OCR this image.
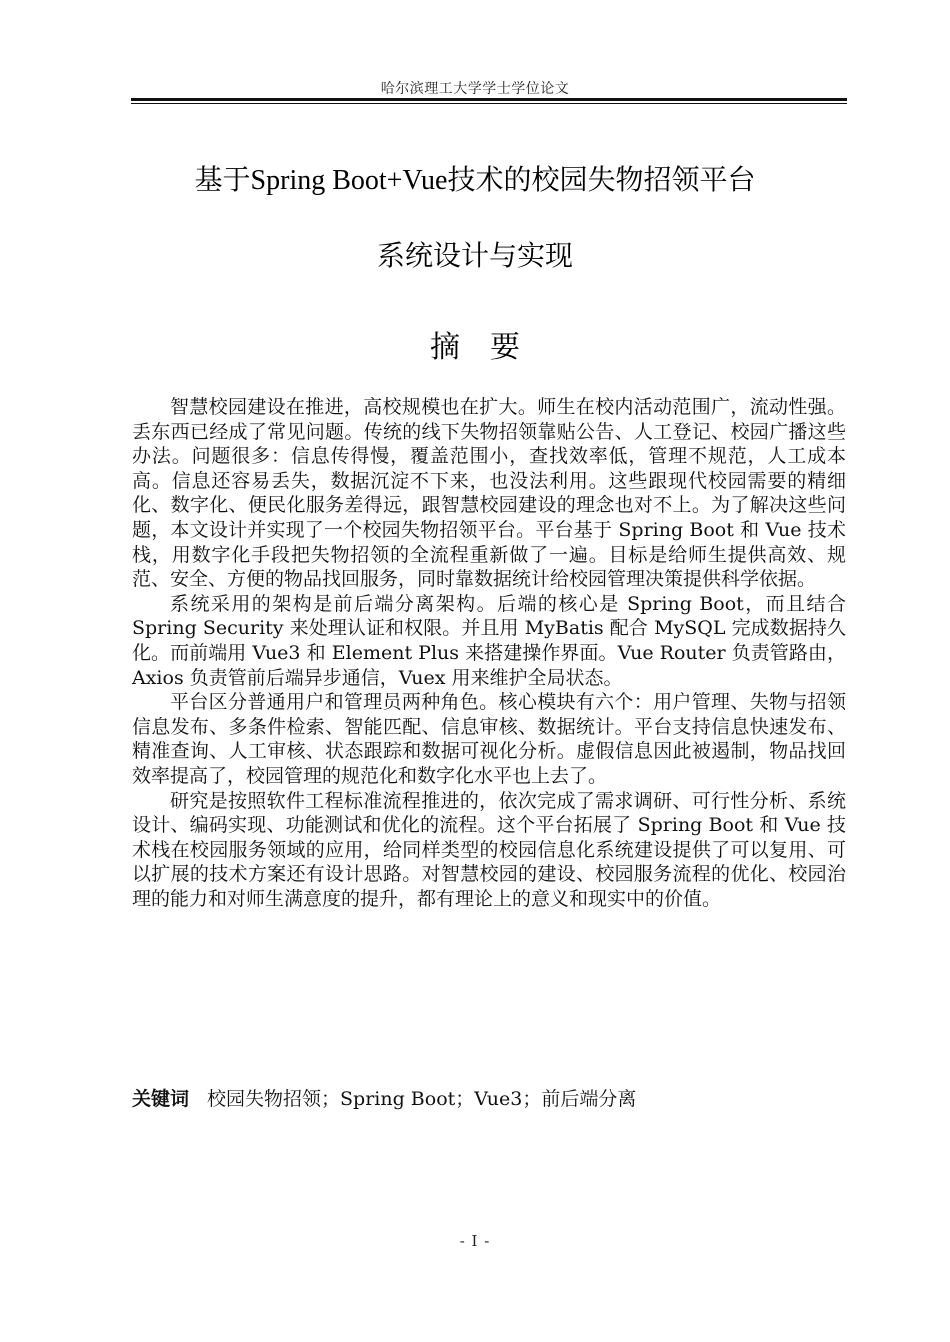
哈尔滨理工大学学士学位论文
基于Spring Boot+Vue技术的校园失物招领平台
系统设计与实现
摘要

智慧校园建设在推进，高校规模也在扩大。师生在校内活动范围广，流动性强。丢东西已经成了常见问题。传统的线下失物招领靠贴公告、人工登记、校园广播这些办法。问题很多：信息传得慢，覆盖范围小，查找效率低，管理不规范，人工成本高。信息还容易丢失，数据沉淀不下来，也没法利用。这些跟现代校园需要的精细化、数字化、便民化服务差得远，跟智慧校园建设的理念也对不上。为了解决这些问题，本文设计并实现了一个校园失物招领平台。平台基于 Spring Boot 和 Vue 技术栈，用数字化手段把失物招领的全流程重新做了一遍。目标是给师生提供高效、规范、安全、方便的物品找回服务，同时靠数据统计给校园管理决策提供科学依据。

系统采用的架构是前后端分离架构。后端的核心是 Spring Boot，而且结合 Spring Security 来处理认证和权限。并且用 MyBatis 配合 MySQL 完成数据持久化。而前端用 Vue3 和 Element Plus 来搭建操作界面。Vue Router 负责管路由，Axios 负责管前后端异步通信，Vuex 用来维护全局状态。

平台区分普通用户和管理员两种角色。核心模块有六个：用户管理、失物与招领信息发布、多条件检索、智能匹配、信息审核、数据统计。平台支持信息快速发布、精准查询、人工审核、状态跟踪和数据可视化分析。虚假信息因此被遏制，物品找回效率提高了，校园管理的规范化和数字化水平也上去了。

研究是按照软件工程标准流程推进的，依次完成了需求调研、可行性分析、系统设计、编码实现、功能测试和优化的流程。这个平台拓展了 Spring Boot 和 Vue 技术栈在校园服务领域的应用，给同样类型的校园信息化系统建设提供了可以复用、可以扩展的技术方案还有设计思路。对智慧校园的建设、校园服务流程的优化、校园治理的能力和对师生满意度的提升，都有理论上的意义和现实中的价值。

关键词 校园失物招领；Spring Boot；Vue3；前后端分离
- I -
